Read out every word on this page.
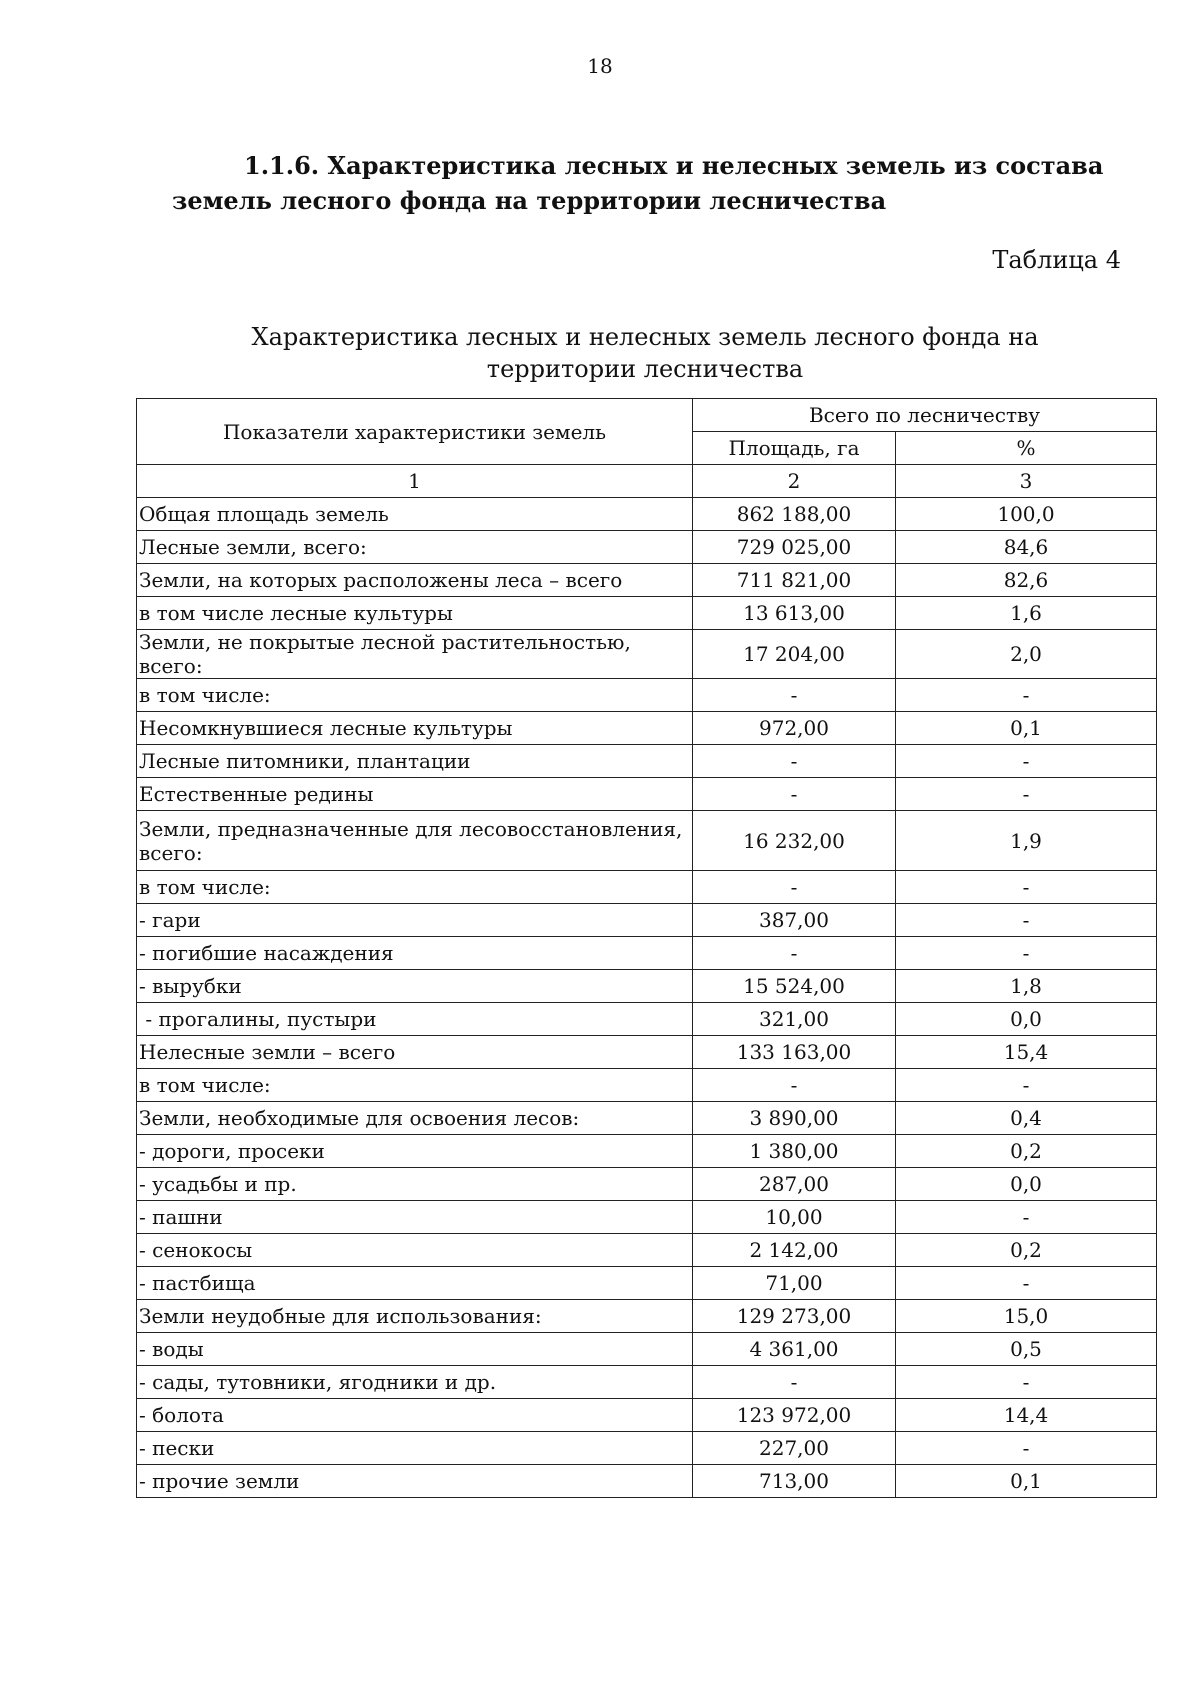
18
1.1.6. Характеристика лесных и нелесных земель из состава земель лесного фонда на территории лесничества
Таблица 4
Характеристика лесных и нелесных земель лесного фонда на территории лесничества
Показатели характеристики земель	Всего по лесничеству	
	Площадь, га	%
1	2	3
Общая площадь земель	862 188,00	100,0
Лесные земли, всего:	729 025,00	84,6
Земли, на которых расположены леса – всего	711 821,00	82,6
в том числе лесные культуры	13 613,00	1,6
Земли, не покрытые лесной растительностью, всего:	17 204,00	2,0
в том числе:	-	-
Несомкнувшиеся лесные культуры	972,00	0,1
Лесные питомники, плантации	-	-
Естественные редины	-	-
Земли, предназначенные для лесовосстановления, всего:	16 232,00	1,9
в том числе:	-	-
- гари	387,00	-
- погибшие насаждения	-	-
- вырубки	15 524,00	1,8
- прогалины, пустыри	321,00	0,0
Нелесные земли – всего	133 163,00	15,4
в том числе:	-	-
Земли, необходимые для освоения лесов:	3 890,00	0,4
- дороги, просеки	1 380,00	0,2
- усадьбы и пр.	287,00	0,0
- пашни	10,00	-
- сенокосы	2 142,00	0,2
- пастбища	71,00	-
Земли неудобные для использования:	129 273,00	15,0
- воды	4 361,00	0,5
- сады, тутовники, ягодники и др.	-	-
- болота	123 972,00	14,4
- пески	227,00	-
- прочие земли	713,00	0,1
